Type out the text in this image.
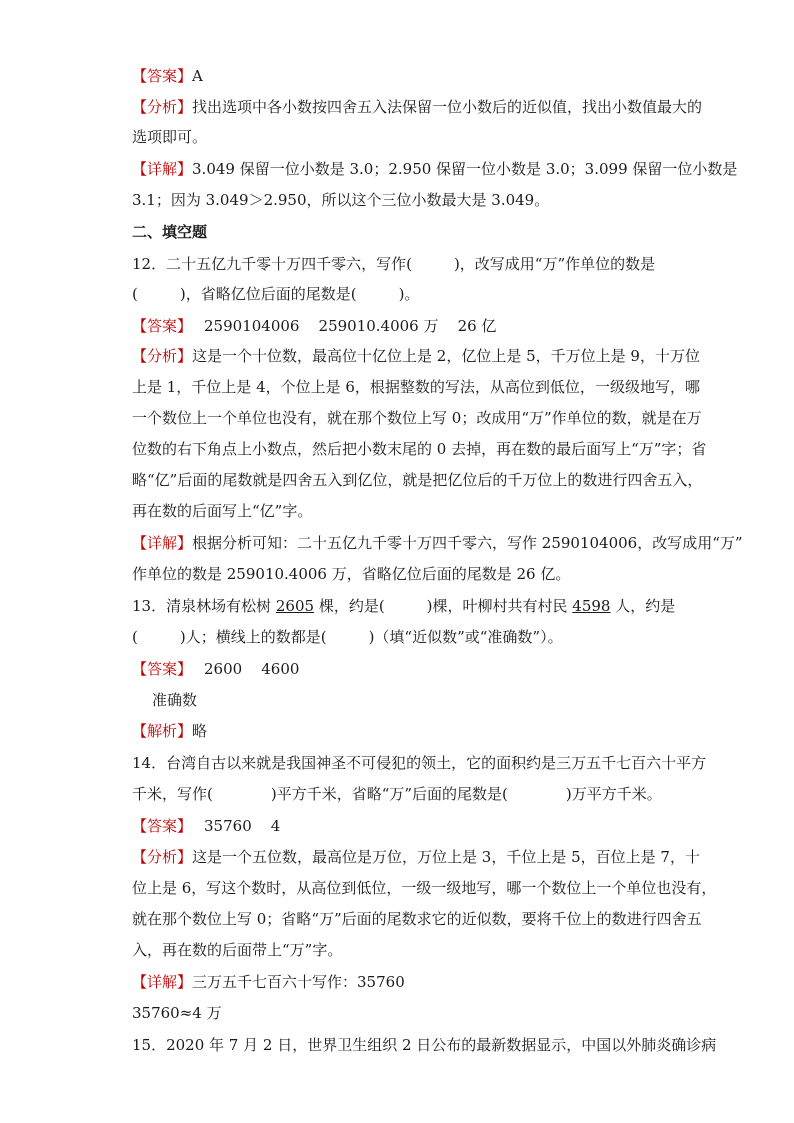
【答案】A
【分析】找出选项中各小数按四舍五入法保留一位小数后的近似值，找出小数值最大的
选项即可。
【详解】3.049 保留一位小数是 3.0；2.950 保留一位小数是 3.0；3.099 保留一位小数是
3.1；因为 3.049＞2.950，所以这个三位小数最大是 3.049。
二、填空题
12．二十五亿九千零十万四千零六，写作(	)，改写成用“万”作单位的数是
(	)，省略亿位后面的尾数是(	)。
【答案】 2590104006    259010.4006 万    26 亿
【分析】这是一个十位数，最高位十亿位上是 2，亿位上是 5，千万位上是 9，十万位
上是 1，千位上是 4，个位上是 6，根据整数的写法，从高位到低位，一级级地写，哪
一个数位上一个单位也没有，就在那个数位上写 0；改成用“万”作单位的数，就是在万
位数的右下角点上小数点，然后把小数末尾的 0 去掉，再在数的最后面写上“万”字；省
略“亿”后面的尾数就是四舍五入到亿位，就是把亿位后的千万位上的数进行四舍五入，
再在数的后面写上“亿”字。
【详解】根据分析可知：二十五亿九千零十万四千零六，写作 2590104006，改写成用“万”
作单位的数是 259010.4006 万，省略亿位后面的尾数是 26 亿。
13．清泉林场有松树 2605 棵，约是(	)棵，叶柳村共有村民 4598 人，约是
(	)人；横线上的数都是(	)（填“近似数”或“准确数”）。
【答案】 2600    4600
准确数
【解析】略
14．台湾自古以来就是我国神圣不可侵犯的领土，它的面积约是三万五千七百六十平方
千米，写作(	)平方千米，省略“万”后面的尾数是(	)万平方千米。
【答案】 35760    4
【分析】这是一个五位数，最高位是万位，万位上是 3，千位上是 5，百位上是 7，十
位上是 6，写这个数时，从高位到低位，一级一级地写，哪一个数位上一个单位也没有，
就在那个数位上写 0；省略“万”后面的尾数求它的近似数，要将千位上的数进行四舍五
入，再在数的后面带上“万”字。
【详解】三万五千七百六十写作：35760
35760≈4 万
15．2020 年 7 月 2 日，世界卫生组织 2 日公布的最新数据显示，中国以外肺炎确诊病
